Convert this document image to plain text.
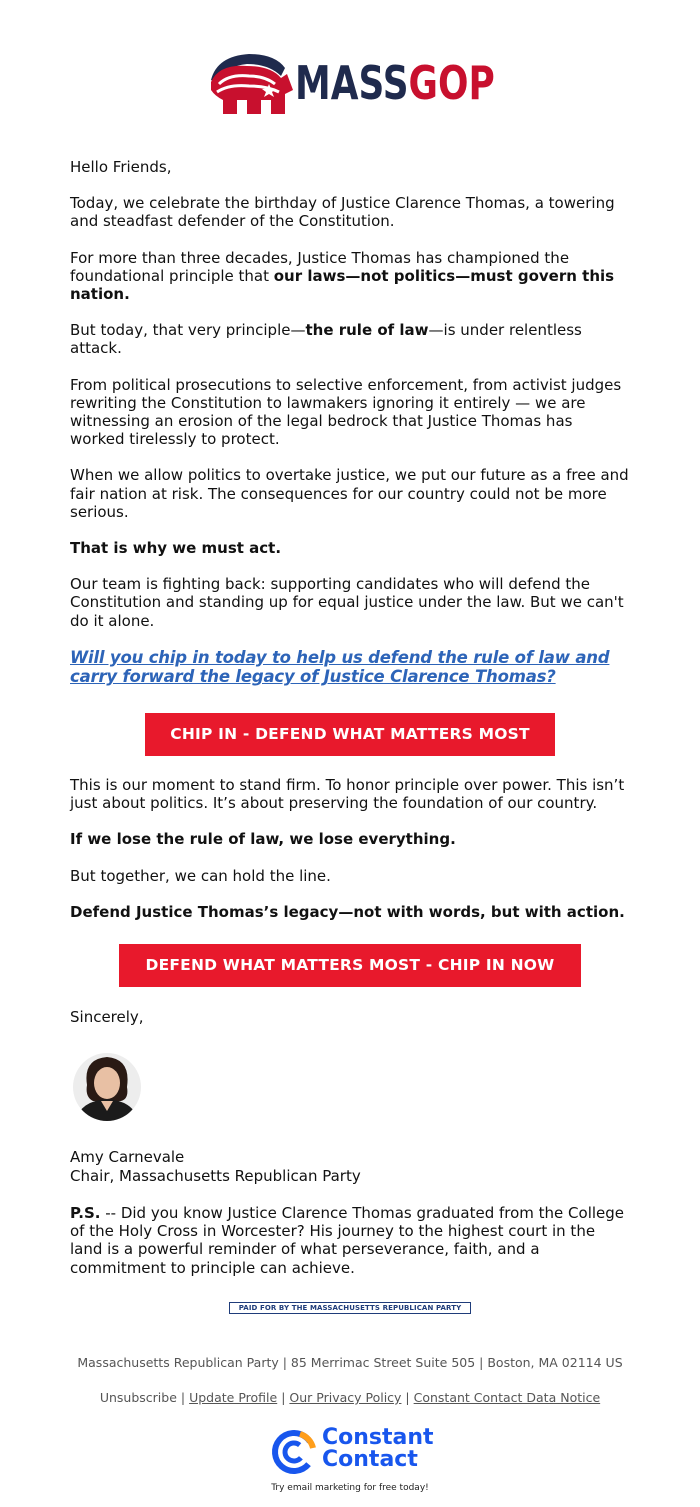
MASSGOP

Hello Friends,

Today, we celebrate the birthday of Justice Clarence Thomas, a towering and steadfast defender of the Constitution.

For more than three decades, Justice Thomas has championed the foundational principle that our laws—not politics—must govern this nation.

But today, that very principle—the rule of law—is under relentless attack.

From political prosecutions to selective enforcement, from activist judges rewriting the Constitution to lawmakers ignoring it entirely — we are witnessing an erosion of the legal bedrock that Justice Thomas has worked tirelessly to protect.

When we allow politics to overtake justice, we put our future as a free and fair nation at risk. The consequences for our country could not be more serious.

That is why we must act.

Our team is fighting back: supporting candidates who will defend the Constitution and standing up for equal justice under the law. But we can't do it alone.

Will you chip in today to help us defend the rule of law and carry forward the legacy of Justice Clarence Thomas?

CHIP IN - DEFEND WHAT MATTERS MOST

This is our moment to stand firm. To honor principle over power. This isn’t just about politics. It’s about preserving the foundation of our country.

If we lose the rule of law, we lose everything.

But together, we can hold the line.

Defend Justice Thomas’s legacy—not with words, but with action.

DEFEND WHAT MATTERS MOST - CHIP IN NOW
Sincerely,
Amy Carnevale
Chair, Massachusetts Republican Party
P.S. -- Did you know Justice Clarence Thomas graduated from the College of the Holy Cross in Worcester? His journey to the highest court in the land is a powerful reminder of what perseverance, faith, and a commitment to principle can achieve.
PAID FOR BY THE MASSACHUSETTS REPUBLICAN PARTY
Massachusetts Republican Party | 85 Merrimac Street Suite 505 | Boston, MA 02114 US
Unsubscribe | Update Profile | Our Privacy Policy | Constant Contact Data Notice
Constant
Contact
Try email marketing for free today!
